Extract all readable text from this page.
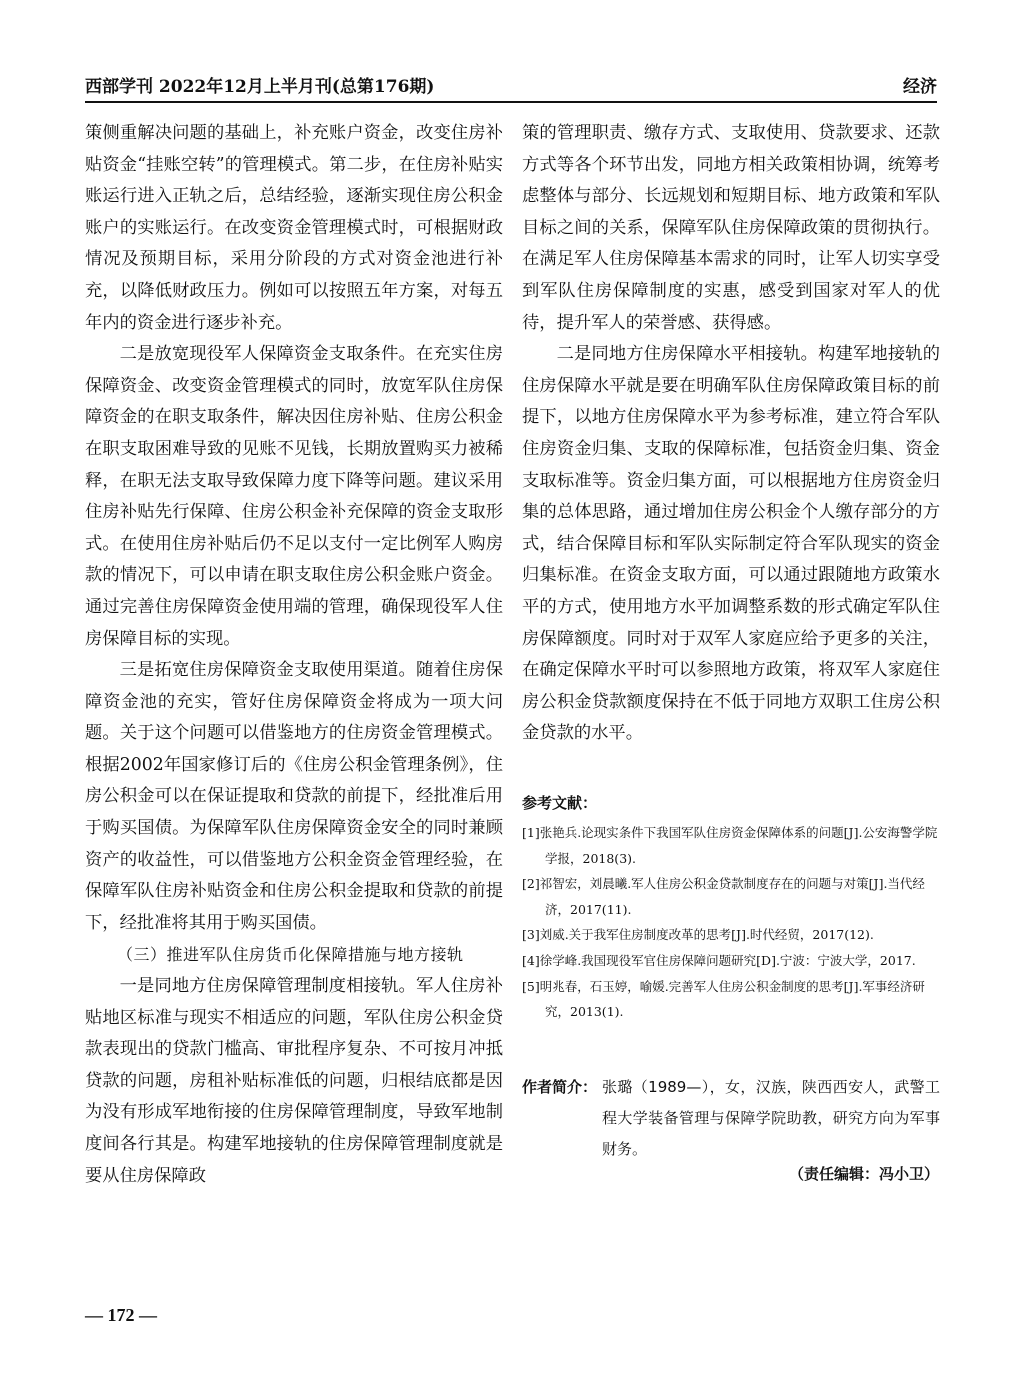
西部学刊 2022年12月上半月刊(总第176期)	经济

策侧重解决问题的基础上，补充账户资金，改变住房补贴资金“挂账空转”的管理模式。第二步，在住房补贴实账运行进入正轨之后，总结经验，逐渐实现住房公积金账户的实账运行。在改变资金管理模式时，可根据财政情况及预期目标，采用分阶段的方式对资金池进行补充，以降低财政压力。例如可以按照五年方案，对每五年内的资金进行逐步补充。

二是放宽现役军人保障资金支取条件。在充实住房保障资金、改变资金管理模式的同时，放宽军队住房保障资金的在职支取条件，解决因住房补贴、住房公积金在职支取困难导致的见账不见钱，长期放置购买力被稀释，在职无法支取导致保障力度下降等问题。建议采用住房补贴先行保障、住房公积金补充保障的资金支取形式。在使用住房补贴后仍不足以支付一定比例军人购房款的情况下，可以申请在职支取住房公积金账户资金。通过完善住房保障资金使用端的管理，确保现役军人住房保障目标的实现。

三是拓宽住房保障资金支取使用渠道。随着住房保障资金池的充实，管好住房保障资金将成为一项大问题。关于这个问题可以借鉴地方的住房资金管理模式。根据2002年国家修订后的《住房公积金管理条例》，住房公积金可以在保证提取和贷款的前提下，经批准后用于购买国债。为保障军队住房保障资金安全的同时兼顾资产的收益性，可以借鉴地方公积金资金管理经验，在保障军队住房补贴资金和住房公积金提取和贷款的前提下，经批准将其用于购买国债。

（三）推进军队住房货币化保障措施与地方接轨

一是同地方住房保障管理制度相接轨。军人住房补贴地区标准与现实不相适应的问题，军队住房公积金贷款表现出的贷款门槛高、审批程序复杂、不可按月冲抵贷款的问题，房租补贴标准低的问题，归根结底都是因为没有形成军地衔接的住房保障管理制度，导致军地制度间各行其是。构建军地接轨的住房保障管理制度就是要从住房保障政

策的管理职责、缴存方式、支取使用、贷款要求、还款方式等各个环节出发，同地方相关政策相协调，统筹考虑整体与部分、长远规划和短期目标、地方政策和军队目标之间的关系，保障军队住房保障政策的贯彻执行。在满足军人住房保障基本需求的同时，让军人切实享受到军队住房保障制度的实惠，感受到国家对军人的优待，提升军人的荣誉感、获得感。

二是同地方住房保障水平相接轨。构建军地接轨的住房保障水平就是要在明确军队住房保障政策目标的前提下，以地方住房保障水平为参考标准，建立符合军队住房资金归集、支取的保障标准，包括资金归集、资金支取标准等。资金归集方面，可以根据地方住房资金归集的总体思路，通过增加住房公积金个人缴存部分的方式，结合保障目标和军队实际制定符合军队现实的资金归集标准。在资金支取方面，可以通过跟随地方政策水平的方式，使用地方水平加调整系数的形式确定军队住房保障额度。同时对于双军人家庭应给予更多的关注，在确定保障水平时可以参照地方政策，将双军人家庭住房公积金贷款额度保持在不低于同地方双职工住房公积金贷款的水平。

参考文献：
[1]张艳兵.论现实条件下我国军队住房资金保障体系的问题[J].公安海警学院学报，2018(3).
[2]祁智宏，刘晨曦.军人住房公积金贷款制度存在的问题与对策[J].当代经济，2017(11).
[3]刘威.关于我军住房制度改革的思考[J].时代经贸，2017(12).
[4]徐学峰.我国现役军官住房保障问题研究[D].宁波：宁波大学，2017.
[5]明兆春，石玉婷，喻媛.完善军人住房公积金制度的思考[J].军事经济研究，2013(1).
作者简介： 张璐（1989—），女，汉族，陕西西安人，武警工程大学装备管理与保障学院助教，研究方向为军事财务。
（责任编辑：冯小卫）
— 172 —
